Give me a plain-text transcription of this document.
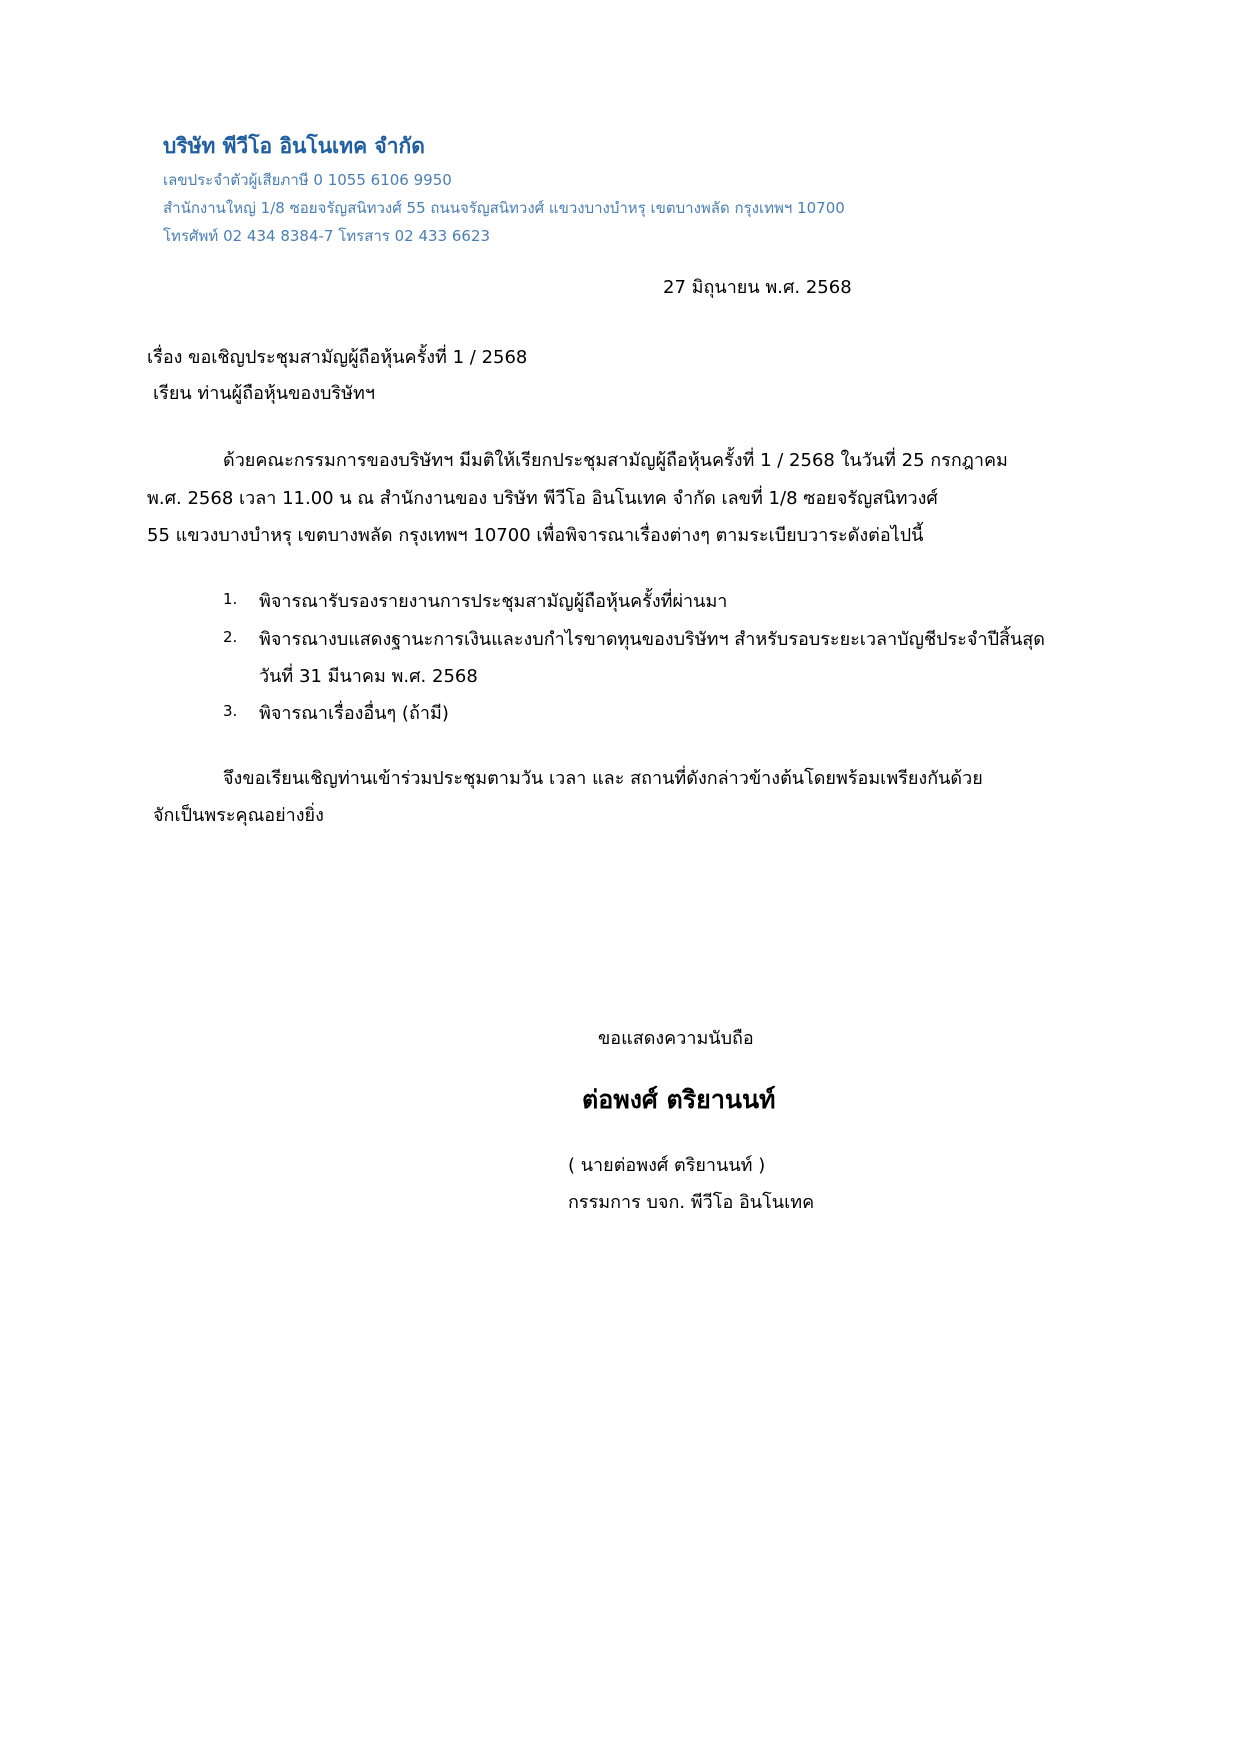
บริษัท พีวีโอ อินโนเทค จำกัด
เลขประจำตัวผู้เสียภาษี 0 1055 6106 9950
สำนักงานใหญ่ 1/8 ซอยจรัญสนิทวงศ์ 55 ถนนจรัญสนิทวงศ์ แขวงบางบำหรุ เขตบางพลัด กรุงเทพฯ 10700
โทรศัพท์ 02 434 8384-7 โทรสาร 02 433 6623
27 มิถุนายน พ.ศ. 2568
เรื่อง ขอเชิญประชุมสามัญผู้ถือหุ้นครั้งที่ 1 / 2568
เรียน ท่านผู้ถือหุ้นของบริษัทฯ
ด้วยคณะกรรมการของบริษัทฯ มีมติให้เรียกประชุมสามัญผู้ถือหุ้นครั้งที่ 1 / 2568 ในวันที่ 25 กรกฎาคม
พ.ศ. 2568 เวลา 11.00 น ณ สำนักงานของ บริษัท พีวีโอ อินโนเทค จำกัด เลขที่ 1/8 ซอยจรัญสนิทวงศ์
55 แขวงบางบำหรุ เขตบางพลัด กรุงเทพฯ 10700 เพื่อพิจารณาเรื่องต่างๆ ตามระเบียบวาระดังต่อไปนี้
1. พิจารณารับรองรายงานการประชุมสามัญผู้ถือหุ้นครั้งที่ผ่านมา
2. พิจารณางบแสดงฐานะการเงินและงบกำไรขาดทุนของบริษัทฯ สำหรับรอบระยะเวลาบัญชีประจำปีสิ้นสุด
วันที่ 31 มีนาคม พ.ศ. 2568
3. พิจารณาเรื่องอื่นๆ (ถ้ามี)
จึงขอเรียนเชิญท่านเข้าร่วมประชุมตามวัน เวลา และ สถานที่ดังกล่าวข้างต้นโดยพร้อมเพรียงกันด้วย
จักเป็นพระคุณอย่างยิ่ง
ขอแสดงความนับถือ
ต่อพงศ์ ตริยานนท์
( นายต่อพงศ์ ตริยานนท์ )
กรรมการ บจก. พีวีโอ อินโนเทค
